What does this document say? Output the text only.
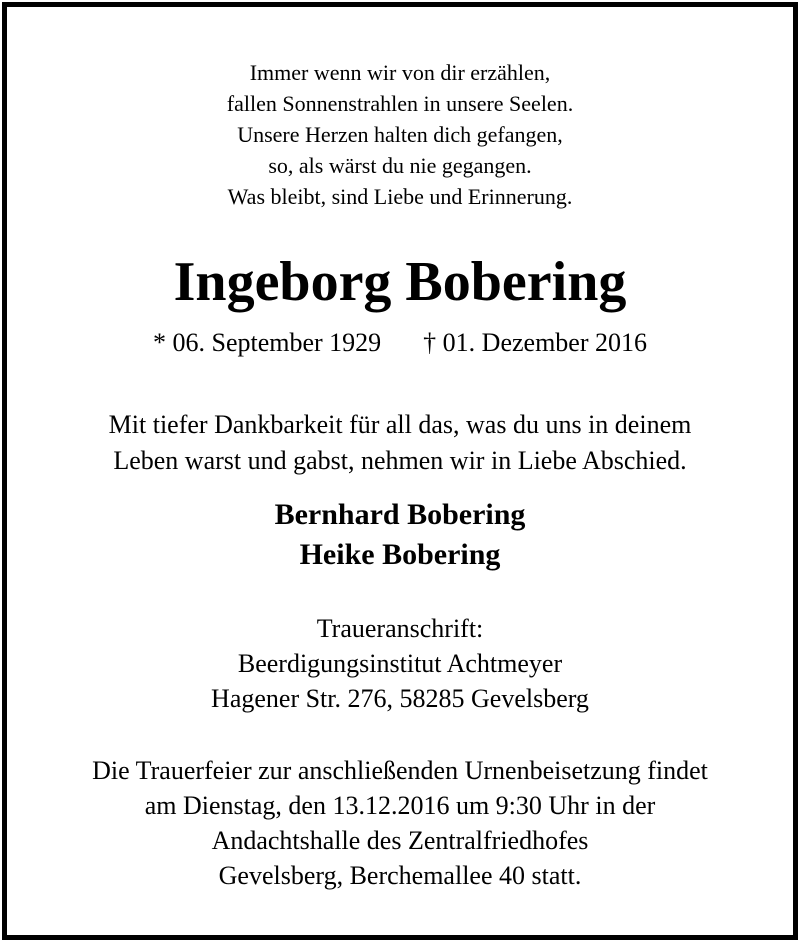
Immer wenn wir von dir erzählen,
fallen Sonnenstrahlen in unsere Seelen.
Unsere Herzen halten dich gefangen,
so, als wärst du nie gegangen.
Was bleibt, sind Liebe und Erinnerung.
Ingeborg Bobering
* 06. September 1929 † 01. Dezember 2016
Mit tiefer Dankbarkeit für all das, was du uns in deinem
Leben warst und gabst, nehmen wir in Liebe Abschied.
Bernhard Bobering
Heike Bobering
Traueranschrift:
Beerdigungsinstitut Achtmeyer
Hagener Str. 276, 58285 Gevelsberg
Die Trauerfeier zur anschließenden Urnenbeisetzung findet
am Dienstag, den 13.12.2016 um 9:30 Uhr in der
Andachtshalle des Zentralfriedhofes
Gevelsberg, Berchemallee 40 statt.
